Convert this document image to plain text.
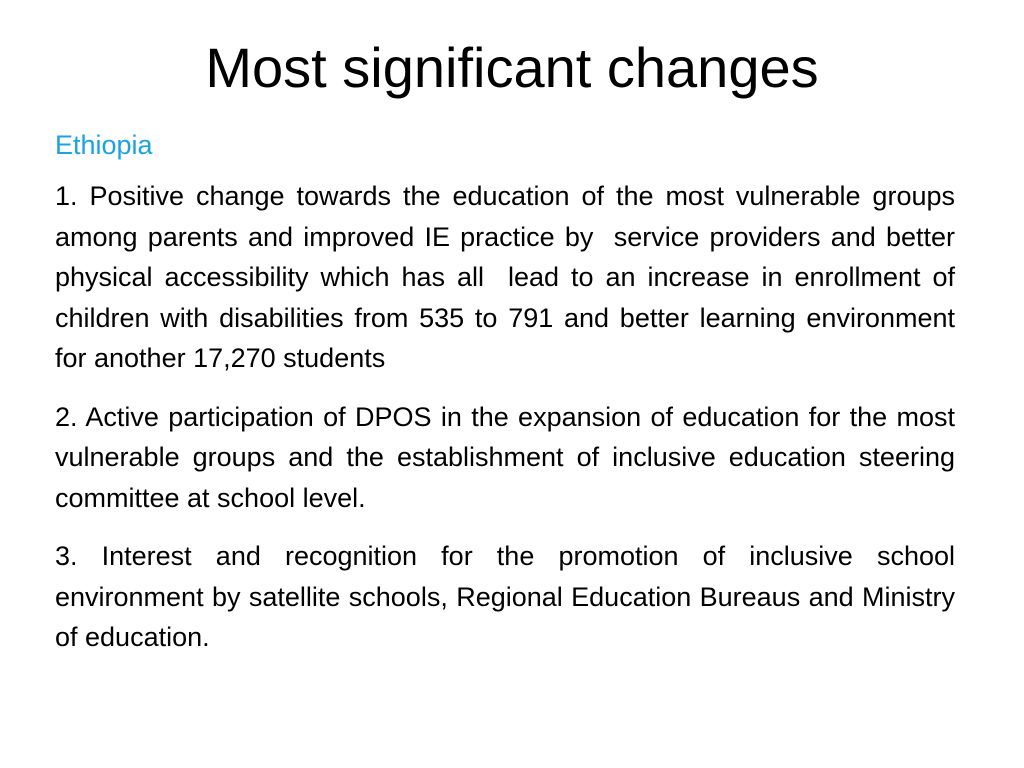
Most significant changes

Ethiopia

1. Positive change towards the education of the most vulnerable groups among parents and improved IE practice by  service providers and better physical accessibility which has all  lead to an increase in enrollment of children with disabilities from 535 to 791 and better learning environment for another 17,270 students

2. Active participation of DPOS in the expansion of education for the most vulnerable groups and the establishment of inclusive education steering committee at school level.

3. Interest and recognition for the promotion of inclusive school environment by satellite schools, Regional Education Bureaus and Ministry of education.
